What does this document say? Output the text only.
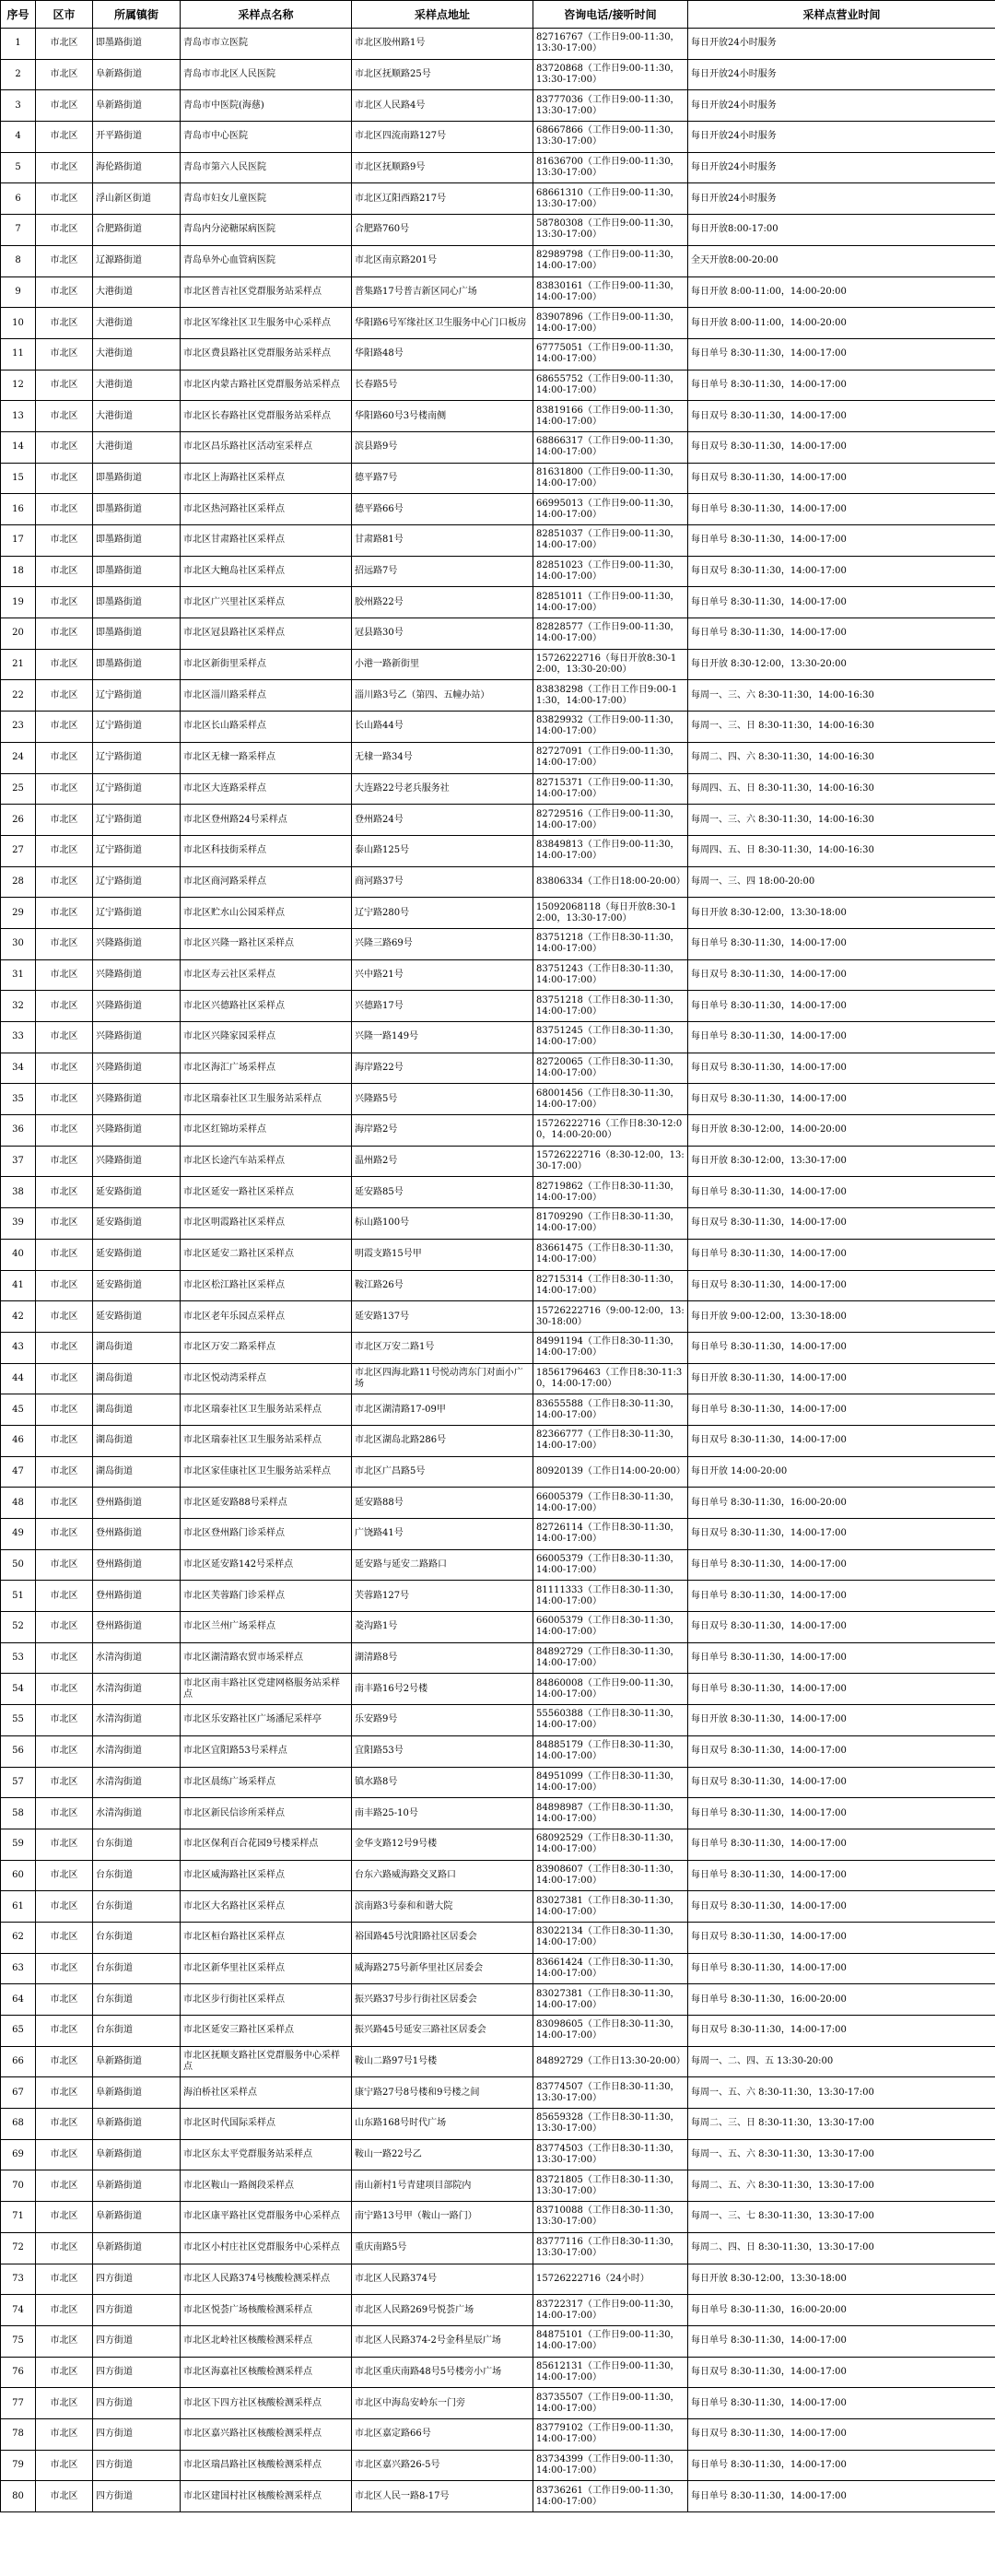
序号	区市	所属镇街	采样点名称	采样点地址	咨询电话/接听时间	采样点营业时间
1	市北区	即墨路街道	青岛市市立医院	市北区胶州路1号	82716767（工作日9:00-11:30，13:30-17:00）	每日开放24小时服务
2	市北区	阜新路街道	青岛市市北区人民医院	市北区抚顺路25号	83720868（工作日9:00-11:30，13:30-17:00）	每日开放24小时服务
3	市北区	阜新路街道	青岛市中医院(海慈)	市北区人民路4号	83777036（工作日9:00-11:30，13:30-17:00）	每日开放24小时服务
4	市北区	开平路街道	青岛市中心医院	市北区四流南路127号	68667866（工作日9:00-11:30，13:30-17:00）	每日开放24小时服务
5	市北区	海伦路街道	青岛市第六人民医院	市北区抚顺路9号	81636700（工作日9:00-11:30，13:30-17:00）	每日开放24小时服务
6	市北区	浮山新区街道	青岛市妇女儿童医院	市北区辽阳西路217号	68661310（工作日9:00-11:30，13:30-17:00）	每日开放24小时服务
7	市北区	合肥路街道	青岛内分泌糖尿病医院	合肥路760号	58780308（工作日9:00-11:30，13:30-17:00）	每日开放8:00-17:00
8	市北区	辽源路街道	青岛阜外心血管病医院	市北区南京路201号	82989798（工作日9:00-11:30，14:00-17:00）	全天开放8:00-20:00
9	市北区	大港街道	市北区普吉社区党群服务站采样点	普集路17号普吉新区同心广场	83830161（工作日9:00-11:30，14:00-17:00）	每日开放 8:00-11:00，14:00-20:00
10	市北区	大港街道	市北区军缘社区卫生服务中心采样点	华阳路6号军缘社区卫生服务中心门口板房	83907896（工作日9:00-11:30，14:00-17:00）	每日开放 8:00-11:00，14:00-20:00
11	市北区	大港街道	市北区费县路社区党群服务站采样点	华阳路48号	67775051（工作日9:00-11:30，14:00-17:00）	每日单号 8:30-11:30，14:00-17:00
12	市北区	大港街道	市北区内蒙古路社区党群服务站采样点	长春路5号	68655752（工作日9:00-11:30，14:00-17:00）	每日单号 8:30-11:30，14:00-17:00
13	市北区	大港街道	市北区长春路社区党群服务站采样点	华阳路60号3号楼南侧	83819166（工作日9:00-11:30，14:00-17:00）	每日双号 8:30-11:30，14:00-17:00
14	市北区	大港街道	市北区昌乐路社区活动室采样点	滨县路9号	68866317（工作日9:00-11:30，14:00-17:00）	每日双号 8:30-11:30，14:00-17:00
15	市北区	即墨路街道	市北区上海路社区采样点	德平路7号	81631800（工作日9:00-11:30，14:00-17:00）	每日双号 8:30-11:30，14:00-17:00
16	市北区	即墨路街道	市北区热河路社区采样点	德平路66号	66995013（工作日9:00-11:30，14:00-17:00）	每日单号 8:30-11:30，14:00-17:00
17	市北区	即墨路街道	市北区甘肃路社区采样点	甘肃路81号	82851037（工作日9:00-11:30，14:00-17:00）	每日单号 8:30-11:30，14:00-17:00
18	市北区	即墨路街道	市北区大鲍岛社区采样点	招远路7号	82851023（工作日9:00-11:30，14:00-17:00）	每日双号 8:30-11:30，14:00-17:00
19	市北区	即墨路街道	市北区广兴里社区采样点	胶州路22号	82851011（工作日9:00-11:30，14:00-17:00）	每日单号 8:30-11:30，14:00-17:00
20	市北区	即墨路街道	市北区冠县路社区采样点	冠县路30号	82828577（工作日9:00-11:30，14:00-17:00）	每日单号 8:30-11:30，14:00-17:00
21	市北区	即墨路街道	市北区新街里采样点	小港一路新街里	15726222716（每日开放8:30-12:00，13:30-20:00）	每日开放 8:30-12:00，13:30-20:00
22	市北区	辽宁路街道	市北区淄川路采样点	淄川路3号乙（第四、五幢办站）	83838298（工作日工作日9:00-11:30，14:00-17:00）	每周一、三、六 8:30-11:30，14:00-16:30
23	市北区	辽宁路街道	市北区长山路采样点	长山路44号	83829932（工作日9:00-11:30，14:00-17:00）	每周一、三、日 8:30-11:30，14:00-16:30
24	市北区	辽宁路街道	市北区无棣一路采样点	无棣一路34号	82727091（工作日9:00-11:30，14:00-17:00）	每周二、四、六 8:30-11:30，14:00-16:30
25	市北区	辽宁路街道	市北区大连路采样点	大连路22号老兵服务社	82715371（工作日9:00-11:30，14:00-17:00）	每周四、五、日 8:30-11:30，14:00-16:30
26	市北区	辽宁路街道	市北区登州路24号采样点	登州路24号	82729516（工作日9:00-11:30，14:00-17:00）	每周一、三、六 8:30-11:30，14:00-16:30
27	市北区	辽宁路街道	市北区科技街采样点	泰山路125号	83849813（工作日9:00-11:30，14:00-17:00）	每周四、五、日 8:30-11:30，14:00-16:30
28	市北区	辽宁路街道	市北区商河路采样点	商河路37号	83806334（工作日18:00-20:00）	每周一、三、四 18:00-20:00
29	市北区	辽宁路街道	市北区贮水山公园采样点	辽宁路280号	15092068118（每日开放8:30-12:00，13:30-17:00）	每日开放 8:30-12:00，13:30-18:00
30	市北区	兴隆路街道	市北区兴隆一路社区采样点	兴隆三路69号	83751218（工作日8:30-11:30，14:00-17:00）	每日单号 8:30-11:30，14:00-17:00
31	市北区	兴隆路街道	市北区寿云社区采样点	兴中路21号	83751243（工作日8:30-11:30，14:00-17:00）	每日双号 8:30-11:30，14:00-17:00
32	市北区	兴隆路街道	市北区兴德路社区采样点	兴德路17号	83751218（工作日8:30-11:30，14:00-17:00）	每日单号 8:30-11:30，14:00-17:00
33	市北区	兴隆路街道	市北区兴隆家园采样点	兴隆一路149号	83751245（工作日8:30-11:30，14:00-17:00）	每日单号 8:30-11:30，14:00-17:00
34	市北区	兴隆路街道	市北区海汇广场采样点	海岸路22号	82720065（工作日8:30-11:30，14:00-17:00）	每日双号 8:30-11:30，14:00-17:00
35	市北区	兴隆路街道	市北区瑞泰社区卫生服务站采样点	兴隆路5号	68001456（工作日8:30-11:30，14:00-17:00）	每日双号 8:30-11:30，14:00-17:00
36	市北区	兴隆路街道	市北区红锦坊采样点	海岸路2号	15726222716（工作日8:30-12:00，14:00-20:00）	每日开放 8:30-12:00，14:00-20:00
37	市北区	兴隆路街道	市北区长途汽车站采样点	温州路2号	15726222716（8:30-12:00，13:30-17:00）	每日开放 8:30-12:00，13:30-17:00
38	市北区	延安路街道	市北区延安一路社区采样点	延安路85号	82719862（工作日8:30-11:30，14:00-17:00）	每日单号 8:30-11:30，14:00-17:00
39	市北区	延安路街道	市北区明霞路社区采样点	标山路100号	81709290（工作日8:30-11:30，14:00-17:00）	每日双号 8:30-11:30，14:00-17:00
40	市北区	延安路街道	市北区延安二路社区采样点	明霞支路15号甲	83661475（工作日8:30-11:30，14:00-17:00）	每日单号 8:30-11:30，14:00-17:00
41	市北区	延安路街道	市北区松江路社区采样点	鞍江路26号	82715314（工作日8:30-11:30，14:00-17:00）	每日双号 8:30-11:30，14:00-17:00
42	市北区	延安路街道	市北区老年乐园点采样点	延安路137号	15726222716（9:00-12:00，13:30-18:00）	每日开放 9:00-12:00，13:30-18:00
43	市北区	湖岛街道	市北区万安二路采样点	市北区万安二路1号	84991194（工作日8:30-11:30，14:00-17:00）	每日单号 8:30-11:30，14:00-17:00
44	市北区	湖岛街道	市北区悦动湾采样点	市北区四海北路11号悦动湾东门对面小广场	18561796463（工作日8:30-11:30，14:00-17:00）	每日开放 8:30-11:30，14:00-17:00
45	市北区	湖岛街道	市北区瑞泰社区卫生服务站采样点	市北区湖清路17-09甲	83655588（工作日8:30-11:30，14:00-17:00）	每日单号 8:30-11:30，14:00-17:00
46	市北区	湖岛街道	市北区瑞泰社区卫生服务站采样点	市北区湖岛北路286号	82366777（工作日8:30-11:30，14:00-17:00）	每日双号 8:30-11:30，14:00-17:00
47	市北区	湖岛街道	市北区家佳康社区卫生服务站采样点	市北区广昌路5号	80920139（工作日14:00-20:00）	每日开放 14:00-20:00
48	市北区	登州路街道	市北区延安路88号采样点	延安路88号	66005379（工作日8:30-11:30，14:00-17:00）	每日单号 8:30-11:30，16:00-20:00
49	市北区	登州路街道	市北区登州路门诊采样点	广饶路41号	82726114（工作日8:30-11:30，14:00-17:00）	每日双号 8:30-11:30，14:00-17:00
50	市北区	登州路街道	市北区延安路142号采样点	延安路与延安二路路口	66005379（工作日8:30-11:30，14:00-17:00）	每日单号 8:30-11:30，14:00-17:00
51	市北区	登州路街道	市北区芙蓉路门诊采样点	芙蓉路127号	81111333（工作日8:30-11:30，14:00-17:00）	每日单号 8:30-11:30，14:00-17:00
52	市北区	登州路街道	市北区兰州广场采样点	菱沟路1号	66005379（工作日8:30-11:30，14:00-17:00）	每日双号 8:30-11:30，14:00-17:00
53	市北区	水清沟街道	市北区湖清路农贸市场采样点	湖清路8号	84892729（工作日8:30-11:30，14:00-17:00）	每日单号 8:30-11:30，14:00-17:00
54	市北区	水清沟街道	市北区南丰路社区党建网格服务站采样点	南丰路16号2号楼	84860008（工作日9:00-11:30，14:00-17:00）	每日单号 8:30-11:30，14:00-17:00
55	市北区	水清沟街道	市北区乐安路社区广场潘尼采样亭	乐安路9号	55560388（工作日8:30-11:30，14:00-17:00）	每日开放 8:30-11:30，14:00-17:00
56	市北区	水清沟街道	市北区宜阳路53号采样点	宜阳路53号	84885179（工作日8:30-11:30，14:00-17:00）	每日双号 8:30-11:30，14:00-17:00
57	市北区	水清沟街道	市北区晨练广场采样点	镇水路8号	84951099（工作日8:30-11:30，14:00-17:00）	每日双号 8:30-11:30，14:00-17:00
58	市北区	水清沟街道	市北区新民信诊所采样点	南丰路25-10号	84898987（工作日8:30-11:30，14:00-17:00）	每日单号 8:30-11:30，14:00-17:00
59	市北区	台东街道	市北区保利百合花园9号楼采样点	金华支路12号9号楼	68092529（工作日8:30-11:30，14:00-17:00）	每日单号 8:30-11:30，14:00-17:00
60	市北区	台东街道	市北区威海路社区采样点	台东六路威海路交叉路口	83908607（工作日8:30-11:30，14:00-17:00）	每日单号 8:30-11:30，14:00-17:00
61	市北区	台东街道	市北区大名路社区采样点	滨南路3号泰和和谐大院	83027381（工作日8:30-11:30，14:00-17:00）	每日双号 8:30-11:30，14:00-17:00
62	市北区	台东街道	市北区桓台路社区采样点	裕国路45号沈阳路社区居委会	83022134（工作日8:30-11:30，14:00-17:00）	每日双号 8:30-11:30，14:00-17:00
63	市北区	台东街道	市北区新华里社区采样点	威海路275号新华里社区居委会	83661424（工作日8:30-11:30，14:00-17:00）	每日单号 8:30-11:30，14:00-17:00
64	市北区	台东街道	市北区步行街社区采样点	振兴路37号步行街社区居委会	83027381（工作日8:30-11:30，14:00-17:00）	每日单号 8:30-11:30，16:00-20:00
65	市北区	台东街道	市北区延安三路社区采样点	振兴路45号延安三路社区居委会	83098605（工作日8:30-11:30，14:00-17:00）	每日双号 8:30-11:30，14:00-17:00
66	市北区	阜新路街道	市北区抚顺支路社区党群服务中心采样点	鞍山二路97号1号楼	84892729（工作日13:30-20:00）	每周一、二、四、五 13:30-20:00
67	市北区	阜新路街道	海泊桥社区采样点	康宁路27号8号楼和9号楼之间	83774507（工作日8:30-11:30，13:30-17:00）	每周一、五、六 8:30-11:30，13:30-17:00
68	市北区	阜新路街道	市北区时代国际采样点	山东路168号时代广场	85659328（工作日8:30-11:30，13:30-17:00）	每周二、三、日 8:30-11:30，13:30-17:00
69	市北区	阜新路街道	市北区东太平党群服务站采样点	鞍山一路22号乙	83774503（工作日8:30-11:30，13:30-17:00）	每周一、五、六 8:30-11:30，13:30-17:00
70	市北区	阜新路街道	市北区鞍山一路阁段采样点	南山新村1号青建项目部院内	83721805（工作日8:30-11:30，13:30-17:00）	每周二、五、六 8:30-11:30，13:30-17:00
71	市北区	阜新路街道	市北区康平路社区党群服务中心采样点	南宁路13号甲（鞍山一路门）	83710088（工作日8:30-11:30，13:30-17:00）	每周一、三、七 8:30-11:30，13:30-17:00
72	市北区	阜新路街道	市北区小村庄社区党群服务中心采样点	重庆南路5号	83777116（工作日8:30-11:30，13:30-17:00）	每周二、四、日 8:30-11:30，13:30-17:00
73	市北区	四方街道	市北区人民路374号核酸检测采样点	市北区人民路374号	15726222716（24小时）	每日开放 8:30-12:00，13:30-18:00
74	市北区	四方街道	市北区悦荟广场核酸检测采样点	市北区人民路269号悦荟广场	83722317（工作日9:00-11:30，14:00-17:00）	每日单号 8:30-11:30，16:00-20:00
75	市北区	四方街道	市北区北岭社区核酸检测采样点	市北区人民路374-2号金科星辰广场	84875101（工作日9:00-11:30，14:00-17:00）	每日单号 8:30-11:30，14:00-17:00
76	市北区	四方街道	市北区海嘉社区核酸检测采样点	市北区重庆南路48号5号楼旁小广场	85612131（工作日9:00-11:30，14:00-17:00）	每日双号 8:30-11:30，14:00-17:00
77	市北区	四方街道	市北区下四方社区核酸检测采样点	市北区中海岛安岭东一门旁	83735507（工作日9:00-11:30，14:00-17:00）	每日单号 8:30-11:30，14:00-17:00
78	市北区	四方街道	市北区嘉兴路社区核酸检测采样点	市北区嘉定路66号	83779102（工作日9:00-11:30，14:00-17:00）	每日双号 8:30-11:30，14:00-17:00
79	市北区	四方街道	市北区瑞昌路社区核酸检测采样点	市北区嘉兴路26-5号	83734399（工作日9:00-11:30，14:00-17:00）	每日单号 8:30-11:30，14:00-17:00
80	市北区	四方街道	市北区建国村社区核酸检测采样点	市北区人民一路8-17号	83736261（工作日9:00-11:30，14:00-17:00）	每日单号 8:30-11:30，14:00-17:00
